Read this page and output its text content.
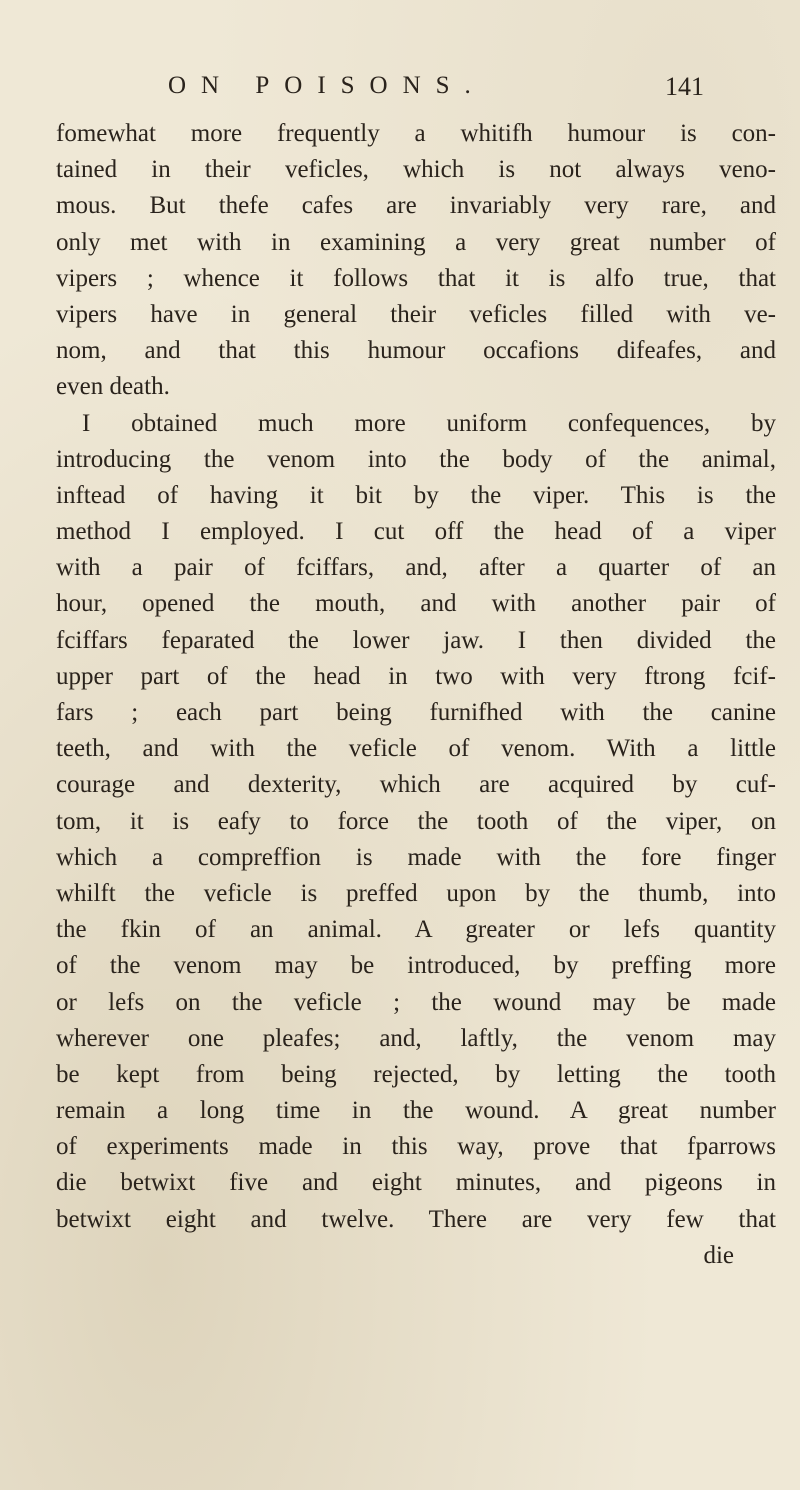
ON POISONS.	141
fomewhat more frequently a whitifh humour is con-
tained in their veficles, which is not always veno-
mous. But thefe cafes are invariably very rare, and
only met with in examining a very great number of
vipers ; whence it follows that it is alfo true, that
vipers have in general their veficles filled with ve-
nom, and that this humour occafions difeafes, and
even death.
I obtained much more uniform confequences, by
introducing the venom into the body of the animal,
inftead of having it bit by the viper. This is the
method I employed. I cut off the head of a viper
with a pair of fciffars, and, after a quarter of an
hour, opened the mouth, and with another pair of
fciffars feparated the lower jaw. I then divided the
upper part of the head in two with very ftrong fcif-
fars ; each part being furnifhed with the canine
teeth, and with the veficle of venom. With a little
courage and dexterity, which are acquired by cuf-
tom, it is eafy to force the tooth of the viper, on
which a compreffion is made with the fore finger
whilft the veficle is preffed upon by the thumb, into
the fkin of an animal. A greater or lefs quantity
of the venom may be introduced, by preffing more
or lefs on the veficle ; the wound may be made
wherever one pleafes; and, laftly, the venom may
be kept from being rejected, by letting the tooth
remain a long time in the wound. A great number
of experiments made in this way, prove that fparrows
die betwixt five and eight minutes, and pigeons in
betwixt eight and twelve. There are very few that
die
